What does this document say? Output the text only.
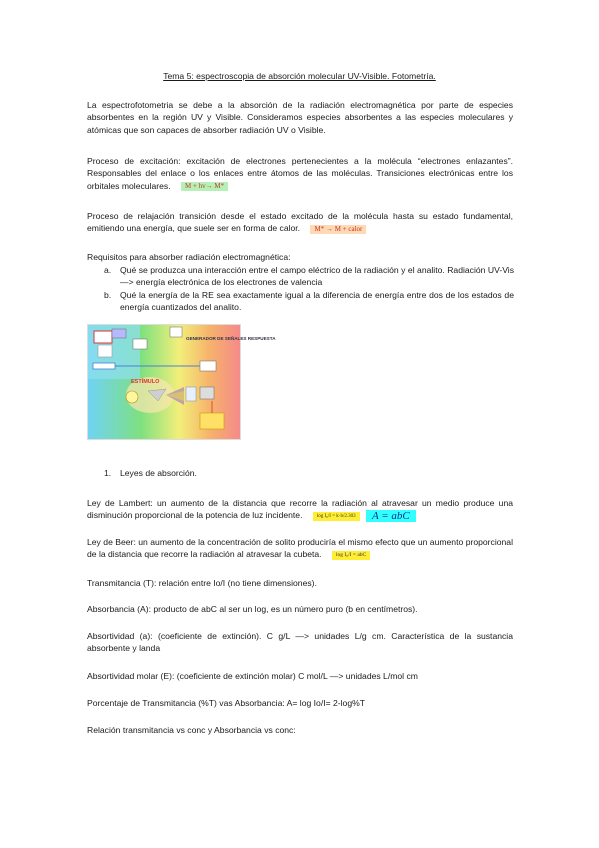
Tema 5: espectroscopia de absorción molecular UV-Visible. Fotometría.
La espectrofotometria se debe a la absorción de la radiación electromagnética por parte de especies absorbentes en la región UV y Visible. Consideramos especies absorbentes a las especies moleculares y atómicas que son capaces de absorber radiación UV o Visible.
Proceso de excitación: excitación de electrones pertenecientes a la molécula “electrones enlazantes”. Responsables del enlace o los enlaces entre átomos de las moléculas. Transiciones electrónicas entre los orbitales moleculares. M + hv→ M*
Proceso de relajación transición desde el estado excitado de la molécula hasta su estado fundamental, emitiendo una energía, que suele ser en forma de calor. M* → M + calor
Requisitos para absorber radiación electromagnética:
a. Qué se produzca una interacción entre el campo eléctrico de la radiación y el analito. Radiación UV-Vis —> energía electrónica de los electrones de valencia
b. Qué la energía de la RE sea exactamente igual a la diferencia de energía entre dos de los estados de energía cuantizados del analito.
GENERADOR DE SEÑALES RESPUESTA
ESTÍMULO
1. Leyes de absorción.
Ley de Lambert: un aumento de la distancia que recorre la radiación al atravesar un medio produce una disminución proporcional de la potencia de luz incidente.	log I₀/I = k·b/2.303 A = abC
Ley de Beer: un aumento de la concentración de solito produciría el mismo efecto que un aumento proporcional de la distancia que recorre la radiación al atravesar la cubeta.	log I₀/I = abC
Transmitancia (T): relación entre Io/I (no tiene dimensiones).
Absorbancia (A): producto de abC al ser un log, es un número puro (b en centímetros).
Absortividad (a): (coeficiente de extinción). C g/L —> unidades L/g cm. Característica de la sustancia absorbente y landa
Absortividad molar (E): (coeficiente de extinción molar) C mol/L —> unidades L/mol cm
Porcentaje de Transmitancia (%T) vas Absorbancia: A= log Io/I= 2-log%T
Relación transmitancia vs conc y Absorbancia vs conc:
